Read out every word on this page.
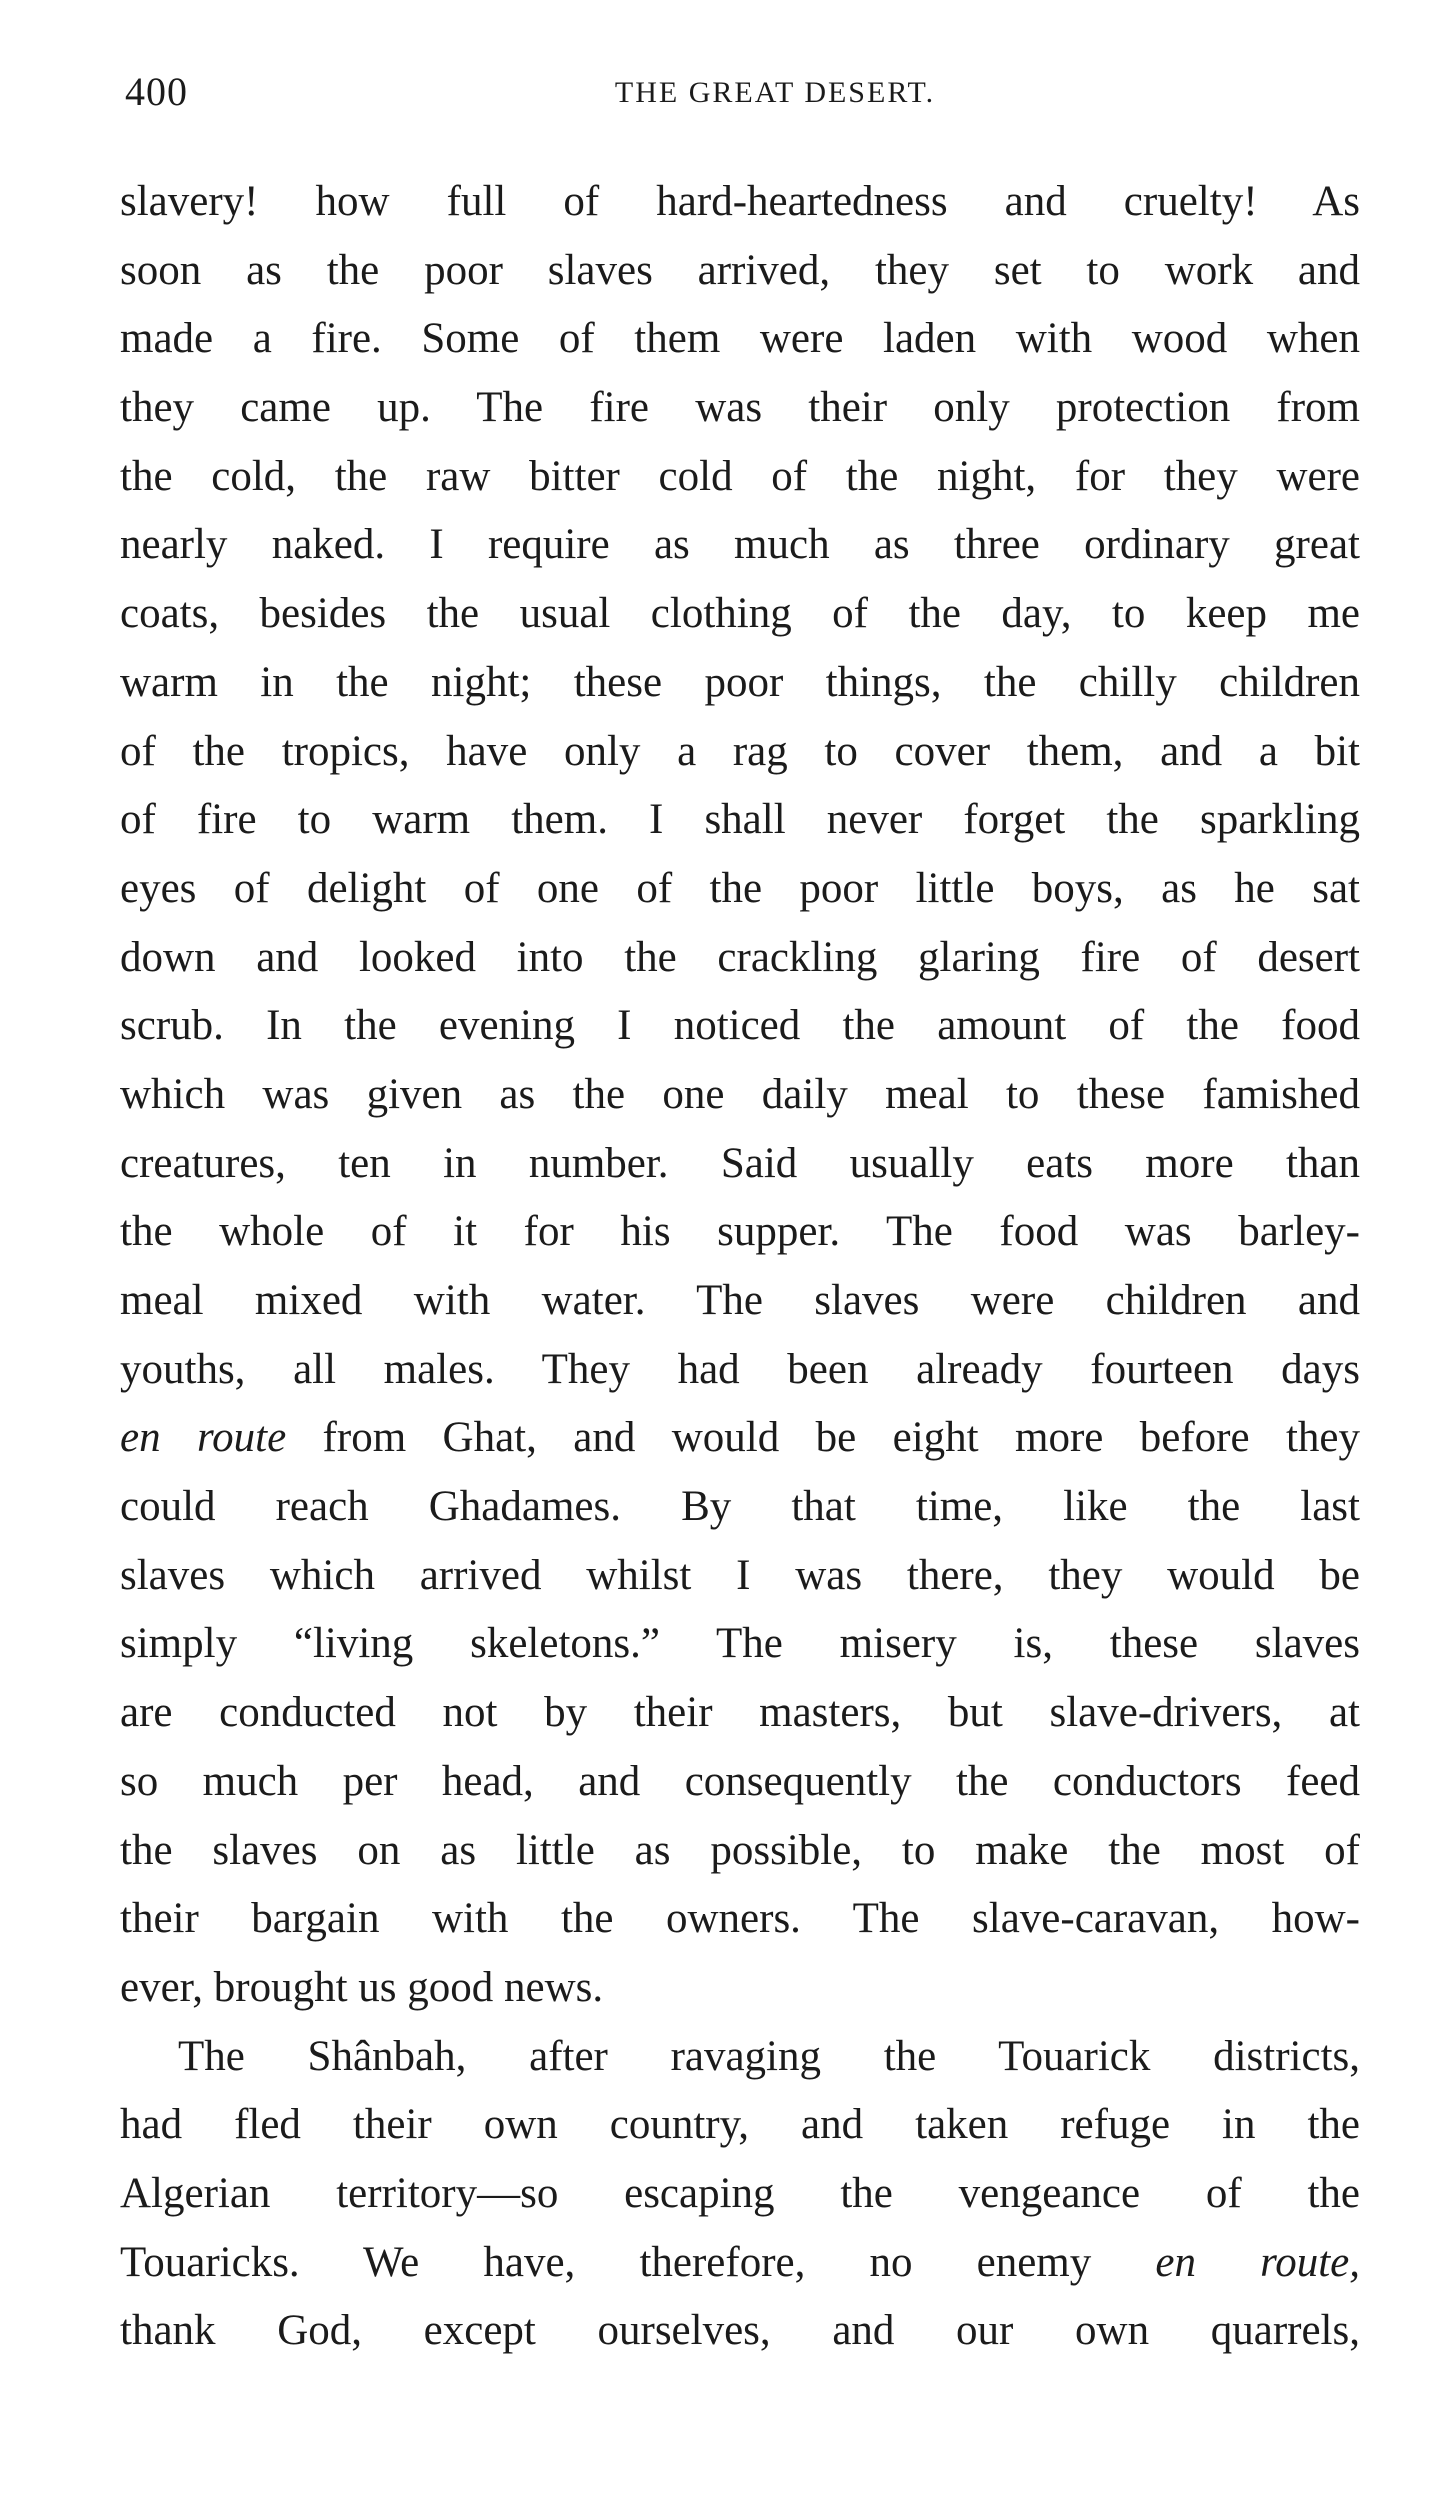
400	THE GREAT DESERT.
slavery! how full of hard-heartedness and cruelty! As
soon as the poor slaves arrived, they set to work and
made a fire. Some of them were laden with wood when
they came up. The fire was their only protection from
the cold, the raw bitter cold of the night, for they were
nearly naked. I require as much as three ordinary great
coats, besides the usual clothing of the day, to keep me
warm in the night; these poor things, the chilly children
of the tropics, have only a rag to cover them, and a bit
of fire to warm them. I shall never forget the sparkling
eyes of delight of one of the poor little boys, as he sat
down and looked into the crackling glaring fire of desert
scrub. In the evening I noticed the amount of the food
which was given as the one daily meal to these famished
creatures, ten in number. Said usually eats more than
the whole of it for his supper. The food was barley-
meal mixed with water. The slaves were children and
youths, all males. They had been already fourteen days
en route from Ghat, and would be eight more before they
could reach Ghadames. By that time, like the last
slaves which arrived whilst I was there, they would be
simply “living skeletons.” The misery is, these slaves
are conducted not by their masters, but slave-drivers, at
so much per head, and consequently the conductors feed
the slaves on as little as possible, to make the most of
their bargain with the owners. The slave-caravan, how-
ever, brought us good news.
The Shânbah, after ravaging the Touarick districts,
had fled their own country, and taken refuge in the
Algerian territory—so escaping the vengeance of the
Touaricks. We have, therefore, no enemy en route,
thank God, except ourselves, and our own quarrels,
